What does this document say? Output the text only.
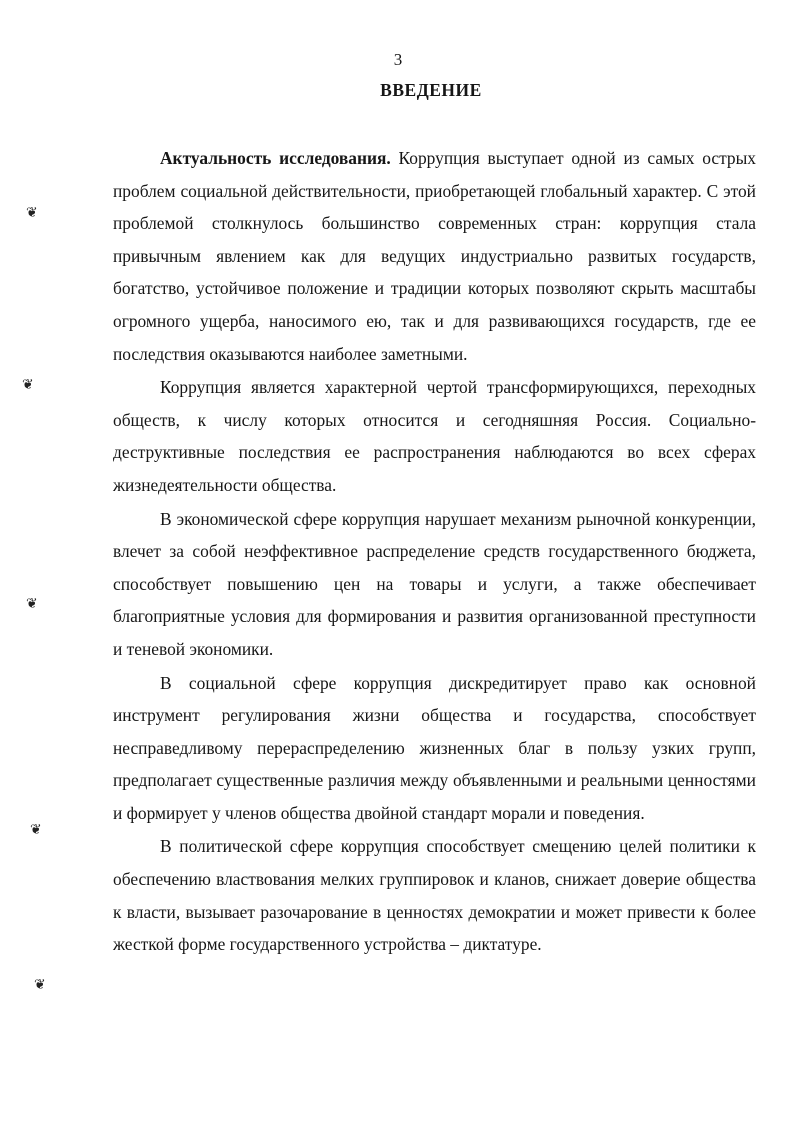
3
ВВЕДЕНИЕ

Актуальность исследования. Коррупция выступает одной из самых острых проблем социальной действительности, приобретающей глобальный характер. С этой проблемой столкнулось большинство современных стран: коррупция стала привычным явлением как для ведущих индустриально развитых государств, богатство, устойчивое положение и традиции которых позволяют скрыть масштабы огромного ущерба, наносимого ею, так и для развивающихся государств, где ее последствия оказываются наиболее заметными.

Коррупция является характерной чертой трансформирующихся, переходных обществ, к числу которых относится и сегодняшняя Россия. Социально-деструктивные последствия ее распространения наблюдаются во всех сферах жизнедеятельности общества.

В экономической сфере коррупция нарушает механизм рыночной конкуренции, влечет за собой неэффективное распределение средств государственного бюджета, способствует повышению цен на товары и услуги, а также обеспечивает благоприятные условия для формирования и развития организованной преступности и теневой экономики.

В социальной сфере коррупция дискредитирует право как основной инструмент регулирования жизни общества и государства, способствует несправедливому перераспределению жизненных благ в пользу узких групп, предполагает существенные различия между объявленными и реальными ценностями и формирует у членов общества двойной стандарт морали и поведения.

В политической сфере коррупция способствует смещению целей политики к обеспечению властвования мелких группировок и кланов, снижает доверие общества к власти, вызывает разочарование в ценностях демократии и может привести к более жесткой форме государственного устройства – диктатуре.

❦
❦
❦
❦
❦
